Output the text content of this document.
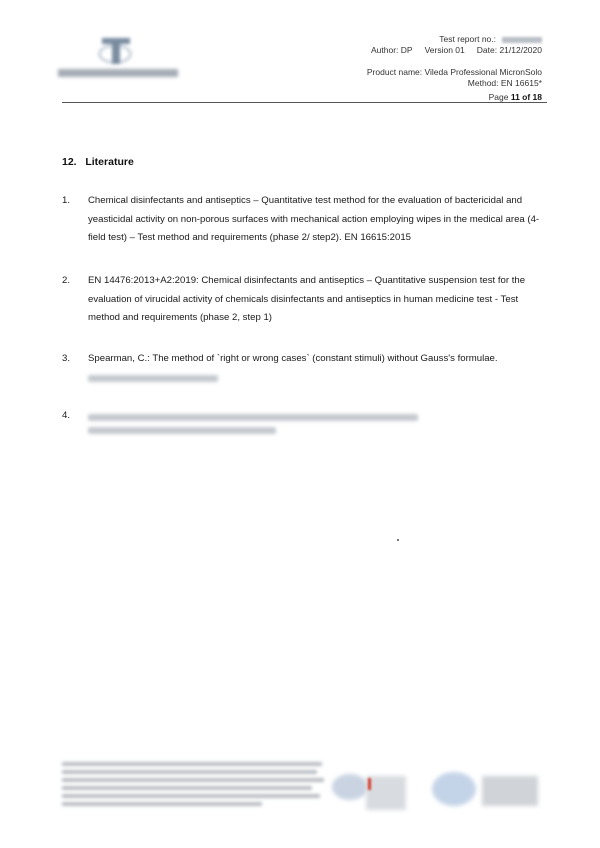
Test report no.:
Author: DP Version 01 Date: 21/12/2020
Product name: Vileda Professional MicronSolo
Method: EN 16615*
Page 11 of 18
12.   Literature
1.	Chemical disinfectants and antiseptics – Quantitative test method for the evaluation of bactericidal and yeasticidal activity on non-porous surfaces with mechanical action employing wipes in the medical area (4-field test) – Test method and requirements (phase 2/ step2). EN 16615:2015
2.	EN 14476:2013+A2:2019: Chemical disinfectants and antiseptics – Quantitative suspension test for the evaluation of virucidal activity of chemicals disinfectants and antiseptics in human medicine test - Test method and requirements (phase 2, step 1)
3.	Spearman, C.: The method of `right or wrong cases` (constant stimuli) without Gauss's formulae.
4.
